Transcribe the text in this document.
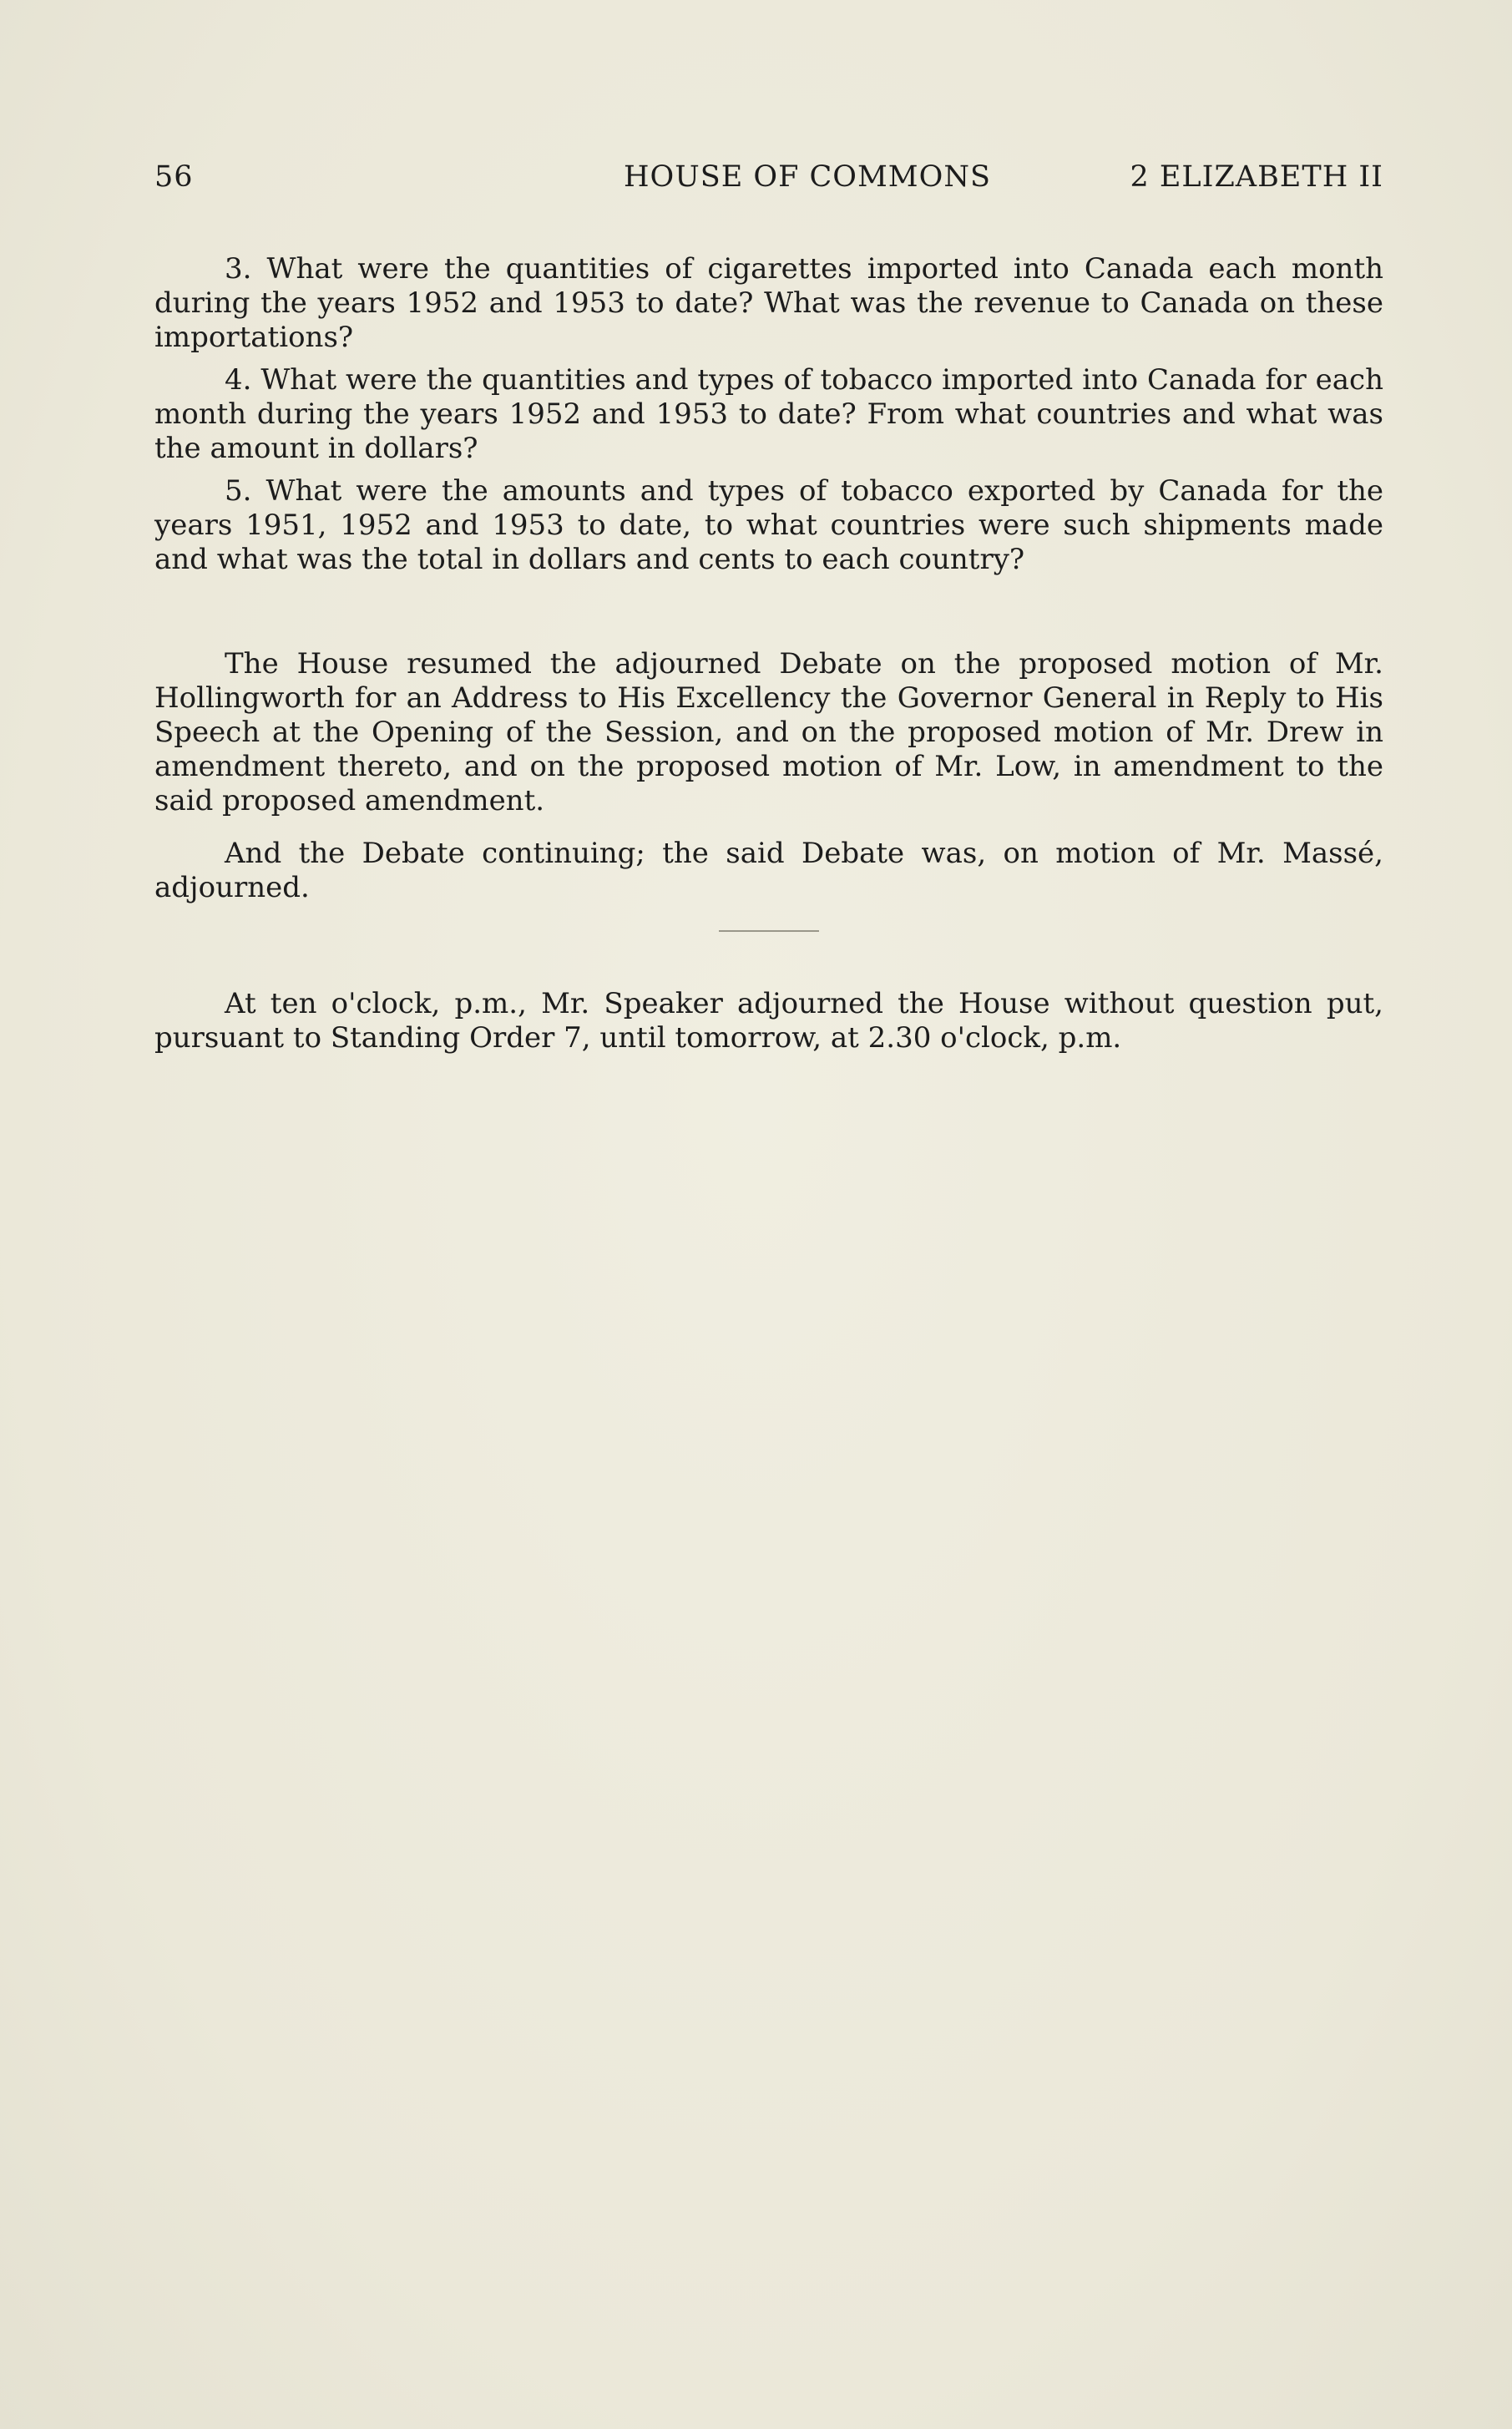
56	HOUSE OF COMMONS	2 ELIZABETH II

3. What were the quantities of cigarettes imported into Canada each month during the years 1952 and 1953 to date? What was the revenue to Canada on these importations?

4. What were the quantities and types of tobacco imported into Canada for each month during the years 1952 and 1953 to date? From what countries and what was the amount in dollars?

5. What were the amounts and types of tobacco exported by Canada for the years 1951, 1952 and 1953 to date, to what countries were such shipments made and what was the total in dollars and cents to each country?

The House resumed the adjourned Debate on the proposed motion of Mr. Hollingworth for an Address to His Excellency the Governor General in Reply to His Speech at the Opening of the Session, and on the proposed motion of Mr. Drew in amendment thereto, and on the proposed motion of Mr. Low, in amendment to the said proposed amendment.

And the Debate continuing; the said Debate was, on motion of Mr. Massé, adjourned.

At ten o'clock, p.m., Mr. Speaker adjourned the House without question put, pursuant to Standing Order 7, until tomorrow, at 2.30 o'clock, p.m.
